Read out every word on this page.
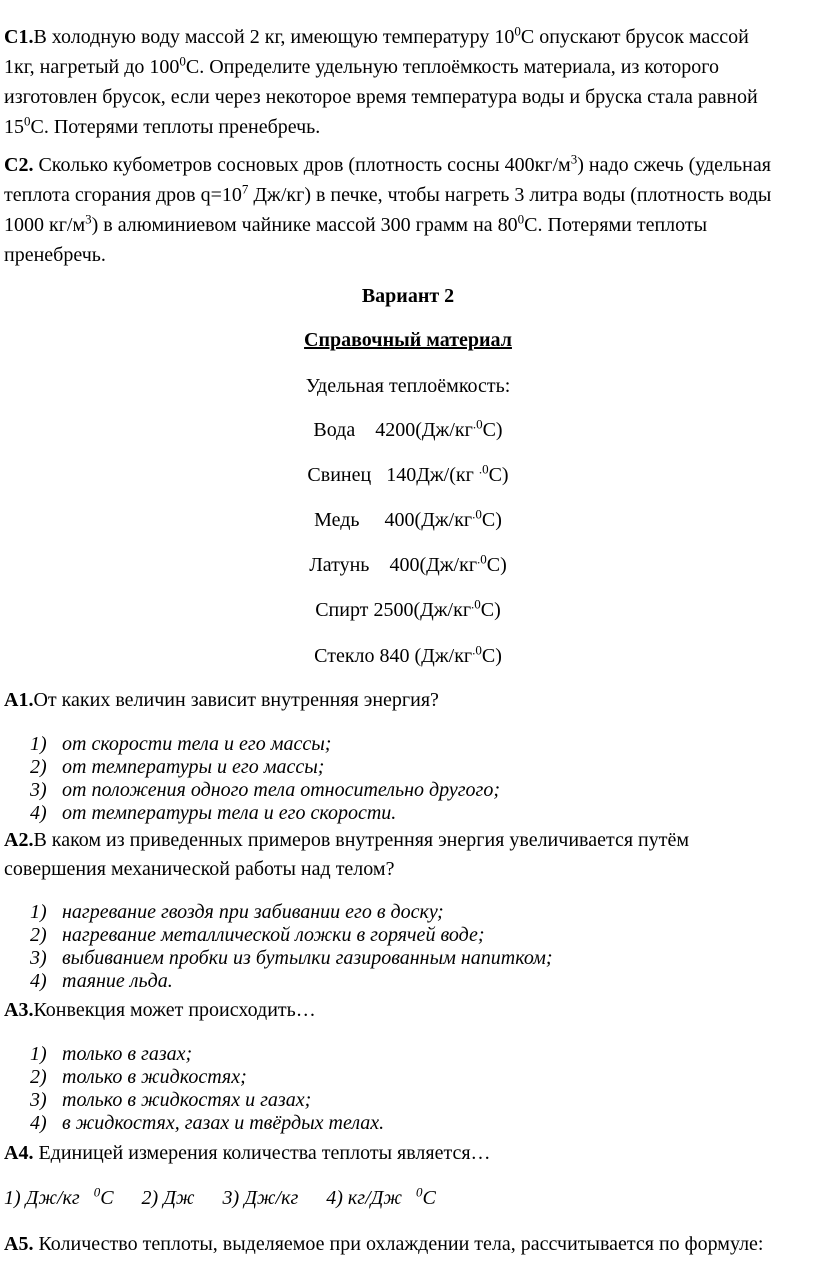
С1.В холодную воду массой 2 кг, имеющую температуру $10^0С$ опускают брусок массой
1кг, нагретый до $100^0С$. Определите удельную теплоёмкость материала, из которого
изготовлен брусок, если через некоторое время температура воды и бруска стала равной
$15^0С$. Потерями теплоты пренебречь.
С2. Сколько кубометров сосновых дров (плотность сосны $400кг/м^3$) надо сжечь (удельная
теплота сгорания дров $q=10^7$ Дж/кг) в печке, чтобы нагреть 3 литра воды (плотность воды
1000 $кг/м^3$) в алюминиевом чайнике массой 300 грамм на $80^0С$. Потерями теплоты
пренебречь.
Вариант 2
Справочный материал
Удельная теплоёмкость:
Вода    $4200(Дж/кг^{.0}С)$
Свинец   140Дж/(кг $^{.0}$С)
Медь     $400(Дж/кг^{.0}С)$
Латунь    $400(Дж/кг^{.0}С)$
Спирт $2500(Дж/кг^{.0}С)$
Стекло 840 $(Дж/кг^{.0}С)$
А1.От каких величин зависит внутренняя энергия?
1) от скорости тела и его массы;
2) от температуры и его массы;
3) от положения одного тела относительно другого;
4) от температуры тела и его скорости.
А2.В каком из приведенных примеров внутренняя энергия увеличивается путём
совершения механической работы над телом?
1) нагревание гвоздя при забивании его в доску;
2) нагревание металлической ложки в горячей воде;
3) выбиванием пробки из бутылки газированным напитком;
4) таяние льда.
А3.Конвекция может происходить…
1) только в газах;
2) только в жидкостях;
3) только в жидкостях и газах;
4) в жидкостях, газах и твёрдых телах.
А4. Единицей измерения количества теплоты является…
1) Дж/кг $^0$С 2) Дж 3) Дж/кг 4) кг/Дж $^0$С
А5. Количество теплоты, выделяемое при охлаждении тела, рассчитывается по формуле:
